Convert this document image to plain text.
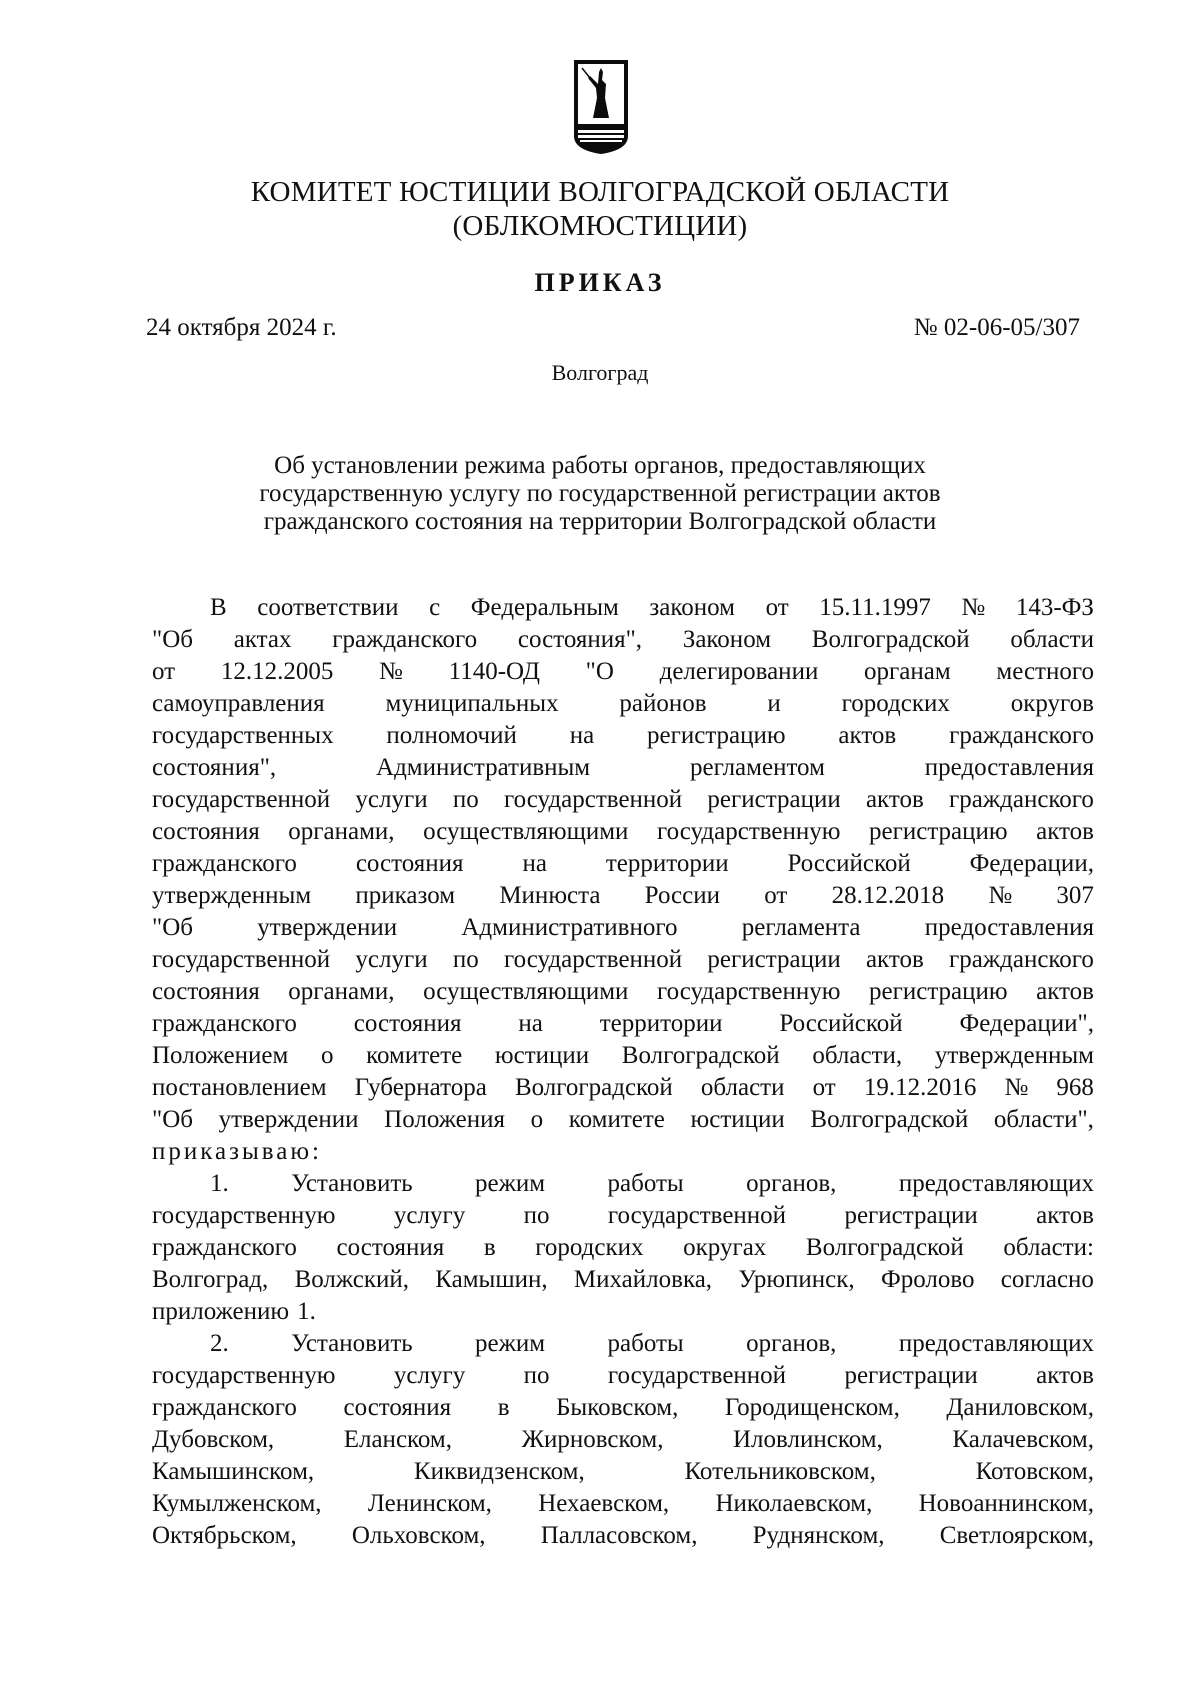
КОМИТЕТ ЮСТИЦИИ ВОЛГОГРАДСКОЙ ОБЛАСТИ
(ОБЛКОМЮСТИЦИИ)
ПРИКАЗ
24 октября 2024 г.	№ 02-06-05/307
Волгоград
Об установлении режима работы органов, предоставляющих
государственную услугу по государственной регистрации актов
гражданского состояния на территории Волгоградской области
В соответствии с Федеральным законом от 15.11.1997 № 143-ФЗ
"Об актах гражданского состояния", Законом Волгоградской области
от 12.12.2005 № 1140-ОД "О делегировании органам местного
самоуправления муниципальных районов и городских округов
государственных полномочий на регистрацию актов гражданского
состояния",	Административным	регламентом	предоставления
государственной услуги по государственной регистрации актов гражданского
состояния органами, осуществляющими государственную регистрацию актов
гражданского состояния на территории Российской Федерации,
утвержденным приказом Минюста России от 28.12.2018 № 307
"Об	утверждении	Административного	регламента	предоставления
государственной услуги по государственной регистрации актов гражданского
состояния органами, осуществляющими государственную регистрацию актов
гражданского состояния на территории Российской Федерации",
Положением о комитете юстиции Волгоградской области, утвержденным
постановлением Губернатора Волгоградской области от 19.12.2016 № 968
"Об утверждении Положения о комитете юстиции Волгоградской области",
приказываю:
1. Установить режим работы органов, предоставляющих
государственную услугу по государственной регистрации актов
гражданского состояния в городских округах Волгоградской области:
Волгоград, Волжский, Камышин, Михайловка, Урюпинск, Фролово согласно
приложению 1.
2. Установить режим работы органов, предоставляющих
государственную услугу по государственной регистрации актов
гражданского состояния в Быковском, Городищенском, Даниловском,
Дубовском,	Еланском,	Жирновском,	Иловлинском,	Калачевском,
Камышинском,	Киквидзенском,	Котельниковском,	Котовском,
Кумылженском, Ленинском, Нехаевском, Николаевском, Новоаннинском,
Октябрьском, Ольховском, Палласовском, Руднянском, Светлоярском,
